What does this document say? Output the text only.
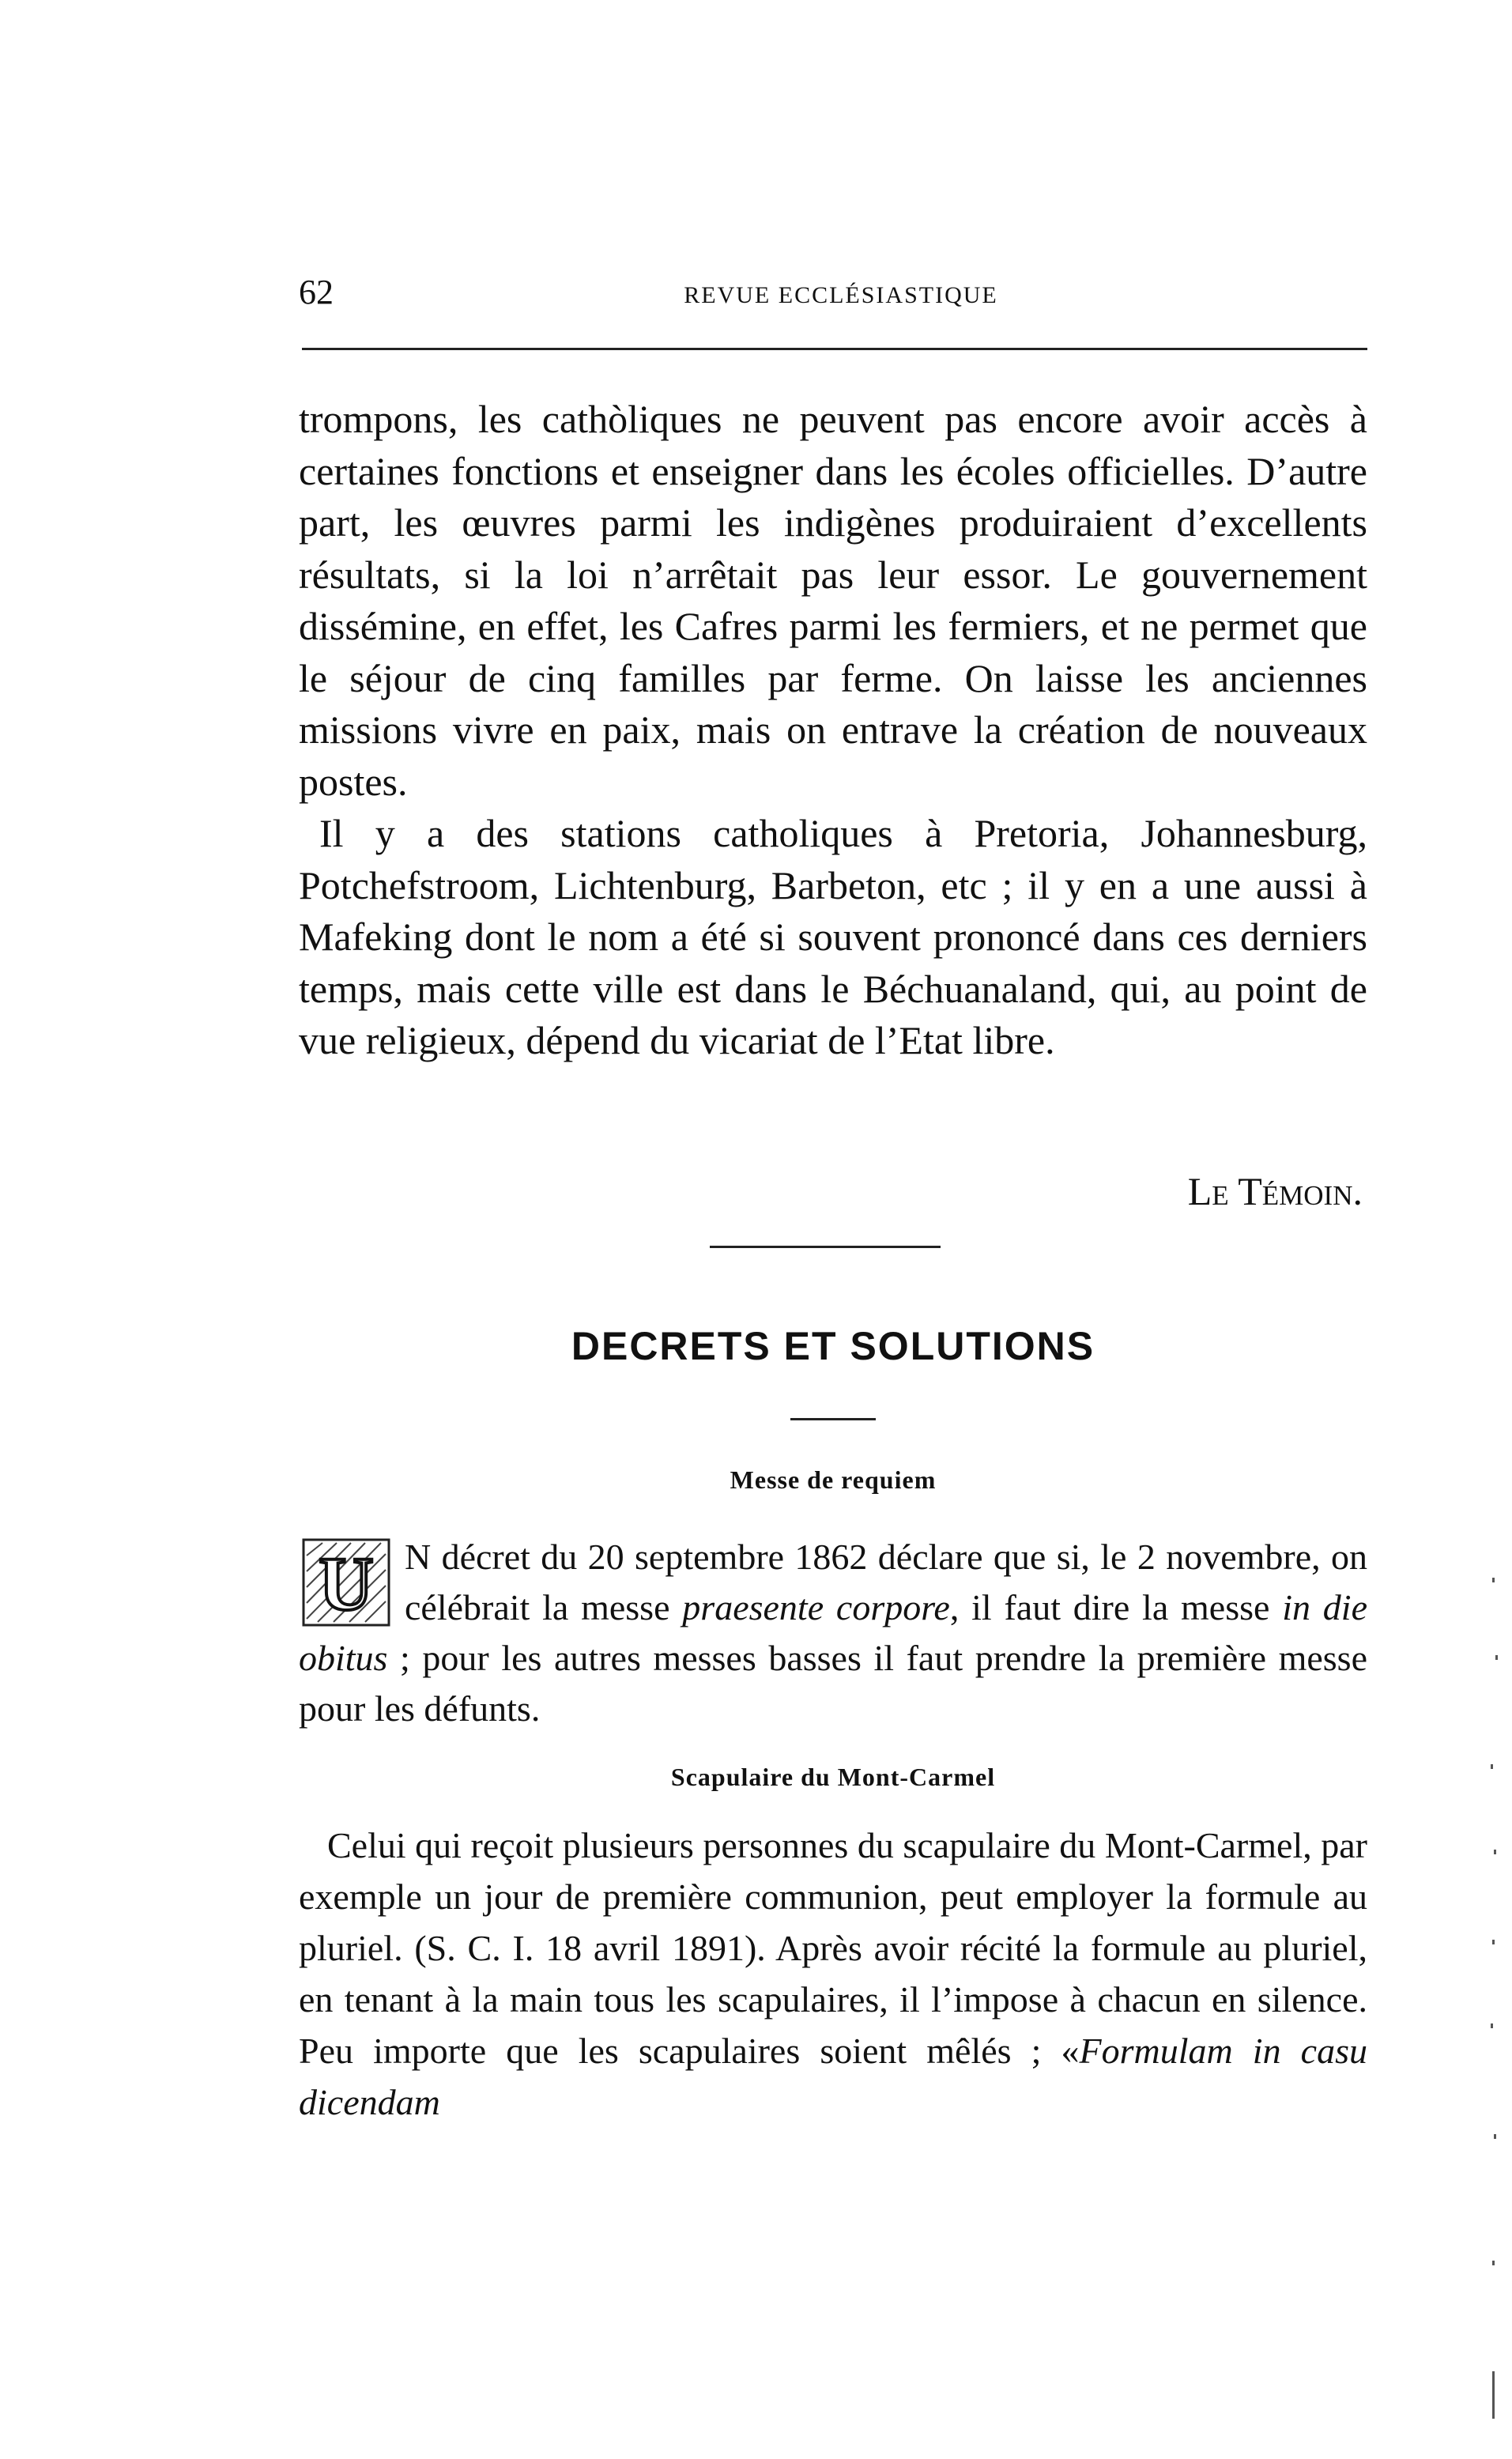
62	REVUE ECCLÉSIASTIQUE

trompons, les cathòliques ne peuvent pas encore avoir accès à certaines fonctions et enseigner dans les écoles officielles. D’autre part, les œuvres parmi les indigènes produiraient d’excellents résultats, si la loi n’arrêtait pas leur essor. Le gouvernement dissémine, en effet, les Cafres parmi les fermiers, et ne permet que le séjour de cinq familles par ferme. On laisse les anciennes missions vivre en paix, mais on entrave la création de nouveaux postes.

Il y a des stations catholiques à Pretoria, Johannesburg, Potchefstroom, Lichtenburg, Barbeton, etc ; il y en a une aussi à Mafeking dont le nom a été si souvent prononcé dans ces derniers temps, mais cette ville est dans le Béchuanaland, qui, au point de vue religieux, dépend du vicariat de l’Etat libre.

Le Témoin.
DECRETS ET SOLUTIONS
Messe de requiem
U N décret du 20 septembre 1862 déclare que si, le 2 novembre, on célébrait la messe praesente corpore, il faut dire la messe in die obitus ; pour les autres messes basses il faut prendre la première messe pour les défunts.
Scapulaire du Mont-Carmel
Celui qui reçoit plusieurs personnes du scapulaire du Mont-Carmel, par exemple un jour de première communion, peut employer la formule au pluriel. (S. C. I. 18 avril 1891). Après avoir récité la formule au pluriel, en tenant à la main tous les scapulaires, il l’impose à chacun en silence. Peu importe que les scapulaires soient mêlés ; «Formulam in casu dicendam
